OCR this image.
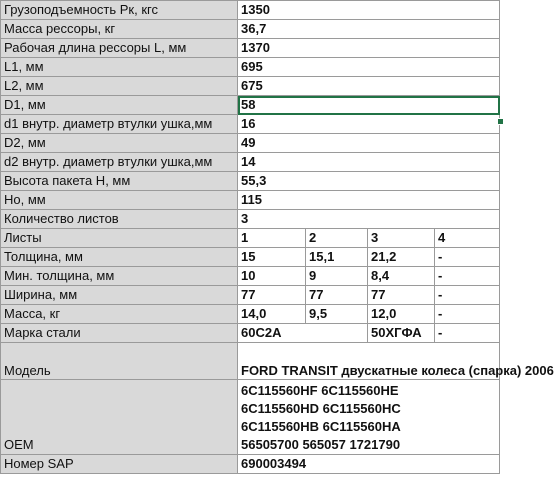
Грузоподъемность Рк, кгс	1350			
Масса рессоры, кг	36,7			
Рабочая длина рессоры L, мм	1370			
L1, мм	695			
L2, мм	675			
D1, мм	58			
d1 внутр. диаметр втулки ушка,мм	16			
D2, мм	49			
d2 внутр. диаметр втулки ушка,мм	14			
Высота пакета H, мм	55,3			
Ho, мм	115			
Количество листов	3			
Листы	1	2	3	4
Толщина, мм	15	15,1	21,2	-
Мин. толщина, мм	10	9	8,4	-
Ширина, мм	77	77	77	-
Масса, кг	14,0	9,5	12,0	-
Марка стали	60С2А		50ХГФА	-
Модель	FORD TRANSIT двускатные колеса (спарка) 2006			
OEM	6С115560НF 6С115560НЕ
6С115560НD 6С115560НС
6С115560НВ 6С115560НА
56505700 565057 1721790			

Номер SAP	690003494			
